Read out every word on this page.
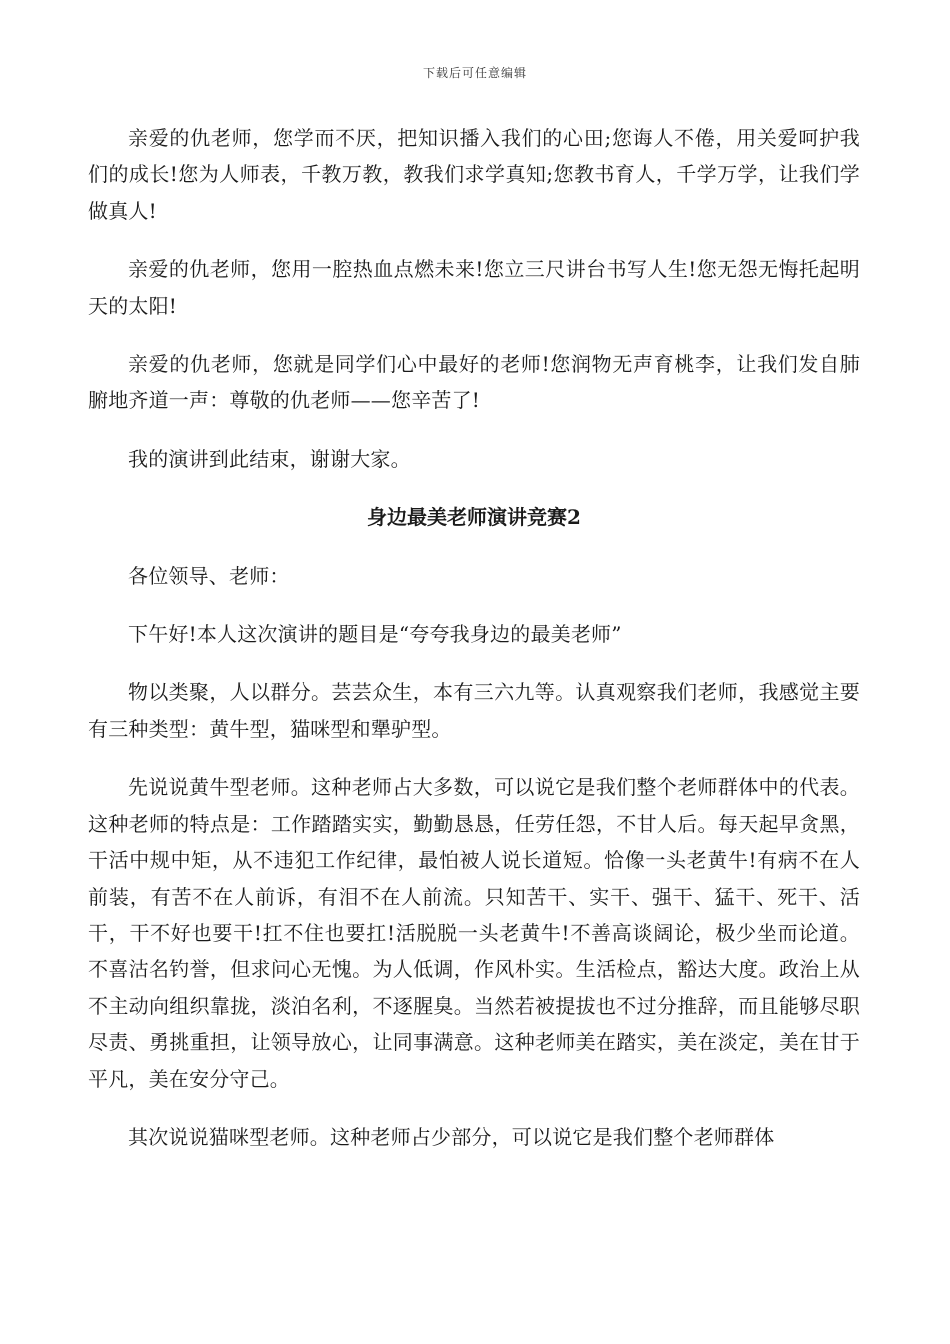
下载后可任意编辑

亲爱的仇老师，您学而不厌，把知识播入我们的心田;您诲人不倦，用关爱呵护我们的成长!您为人师表，千教万教，教我们求学真知;您教书育人，千学万学，让我们学做真人!

亲爱的仇老师，您用一腔热血点燃未来!您立三尺讲台书写人生!您无怨无悔托起明天的太阳!

亲爱的仇老师，您就是同学们心中最好的老师!您润物无声育桃李，让我们发自肺腑地齐道一声：尊敬的仇老师——您辛苦了!

我的演讲到此结束，谢谢大家。

身边最美老师演讲竞赛2

各位领导、老师：

下午好!本人这次演讲的题目是“夸夸我身边的最美老师”

物以类聚，人以群分。芸芸众生，本有三六九等。认真观察我们老师，我感觉主要有三种类型：黄牛型，猫咪型和犟驴型。

先说说黄牛型老师。这种老师占大多数，可以说它是我们整个老师群体中的代表。这种老师的特点是：工作踏踏实实，勤勤恳恳，任劳任怨，不甘人后。每天起早贪黑，干活中规中矩，从不违犯工作纪律，最怕被人说长道短。恰像一头老黄牛!有病不在人前装，有苦不在人前诉，有泪不在人前流。只知苦干、实干、强干、猛干、死干、活干，干不好也要干!扛不住也要扛!活脱脱一头老黄牛!不善高谈阔论，极少坐而论道。不喜沽名钓誉，但求问心无愧。为人低调，作风朴实。生活检点，豁达大度。政治上从不主动向组织靠拢，淡泊名利，不逐腥臭。当然若被提拔也不过分推辞，而且能够尽职尽责、勇挑重担，让领导放心，让同事满意。这种老师美在踏实，美在淡定，美在甘于平凡，美在安分守己。

其次说说猫咪型老师。这种老师占少部分，可以说它是我们整个老师群体
